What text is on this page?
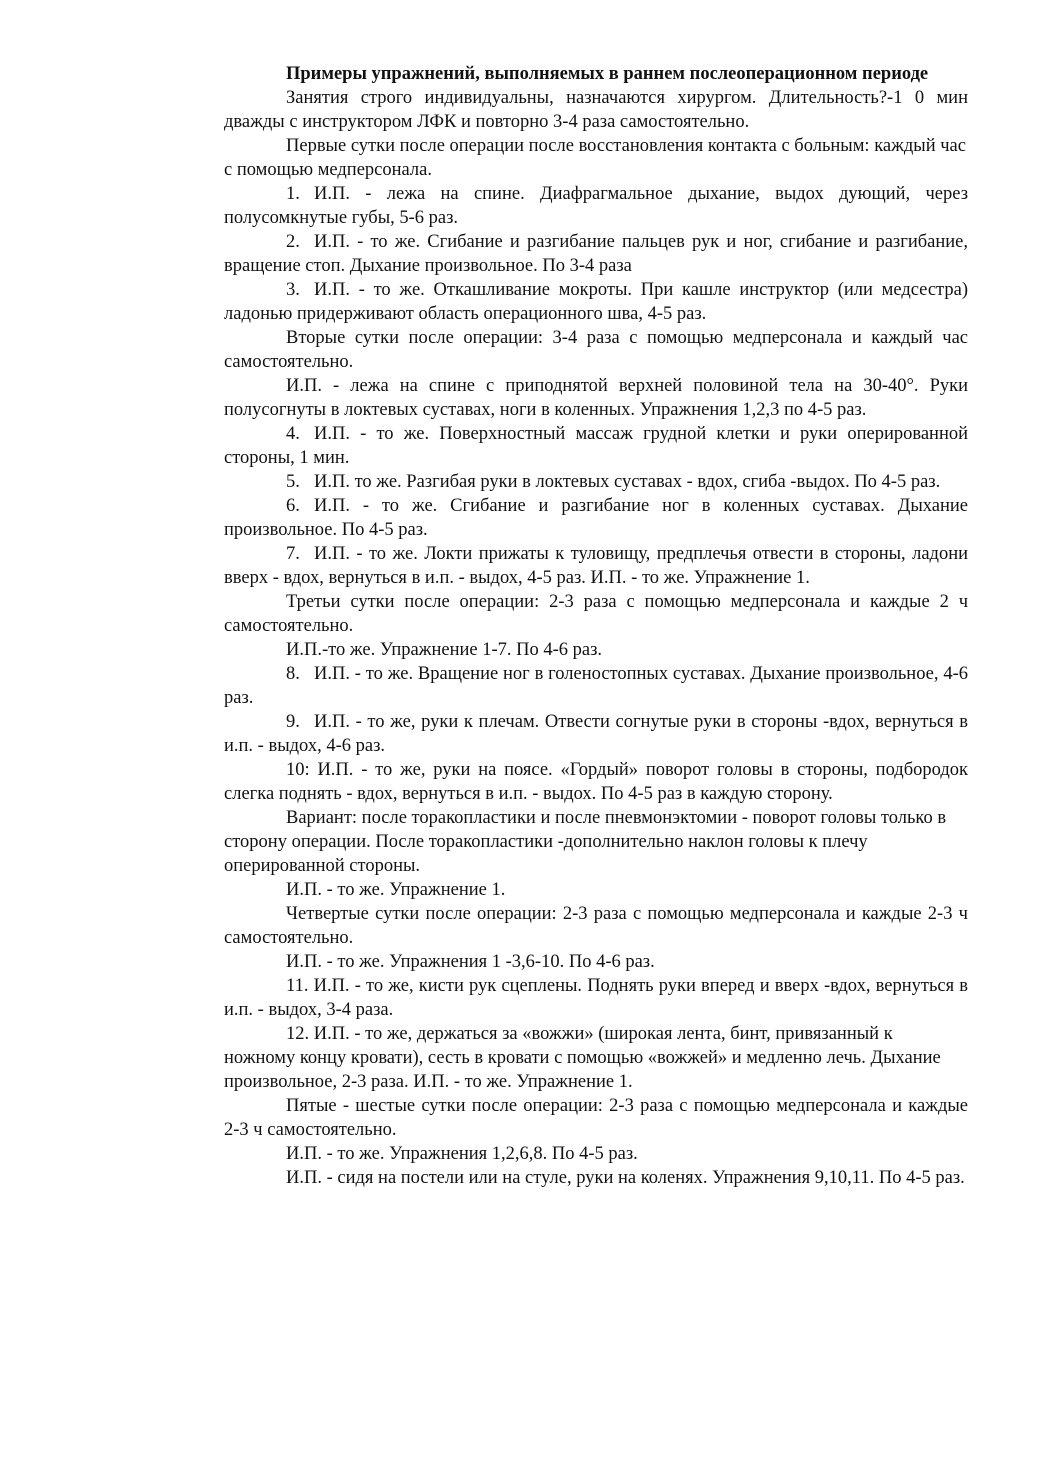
Примеры упражнений, выполняемых в раннем послеоперационном периоде

Занятия строго индивидуальны, назначаются хирургом. Длительность?-1 0 мин дважды с инструктором ЛФК и повторно 3-4 раза самостоятельно.

Первые сутки после операции после восстановления контакта с больным: каждый час с помощью медперсонала.

1. И.П. - лежа на спине. Диафрагмальное дыхание, выдох дующий, через полусомкнутые губы, 5-6 раз.

2. И.П. - то же. Сгибание и разгибание пальцев рук и ног, сгибание и разгибание, вращение стоп. Дыхание произвольное. По 3-4 раза

3. И.П. - то же. Откашливание мокроты. При кашле инструктор (или медсестра) ладонью придерживают область операционного шва, 4-5 раз.

Вторые сутки после операции: 3-4 раза с помощью медперсонала и каждый час самостоятельно.

И.П. - лежа на спине с приподнятой верхней половиной тела на 30-40°. Руки полусогнуты в локтевых суставах, ноги в коленных. Упражнения 1,2,3 по 4-5 раз.

4. И.П. - то же. Поверхностный массаж грудной клетки и руки оперированной стороны, 1 мин.

5. И.П. то же. Разгибая руки в локтевых суставах - вдох, сгиба -выдох. По 4-5 раз.

6. И.П. - то же. Сгибание и разгибание ног в коленных суставах. Дыхание произвольное. По 4-5 раз.

7. И.П. - то же. Локти прижаты к туловищу, предплечья отвести в стороны, ладони вверх - вдох, вернуться в и.п. - выдох, 4-5 раз. И.П. - то же. Упражнение 1.

Третьи сутки после операции: 2-3 раза с помощью медперсонала и каждые 2 ч самостоятельно.

И.П.-то же. Упражнение 1-7. По 4-6 раз.

8. И.П. - то же. Вращение ног в голеностопных суставах. Дыхание произвольное, 4-6 раз.

9. И.П. - то же, руки к плечам. Отвести согнутые руки в стороны -вдох, вернуться в и.п. - выдох, 4-6 раз.

10: И.П. - то же, руки на поясе. «Гордый» поворот головы в стороны, подбородок слегка поднять - вдох, вернуться в и.п. - выдох. По 4-5 раз в каждую сторону.

Вариант: после торакопластики и после пневмонэктомии - поворот головы только в сторону операции. После торакопластики -дополнительно наклон головы к плечу оперированной стороны.

И.П. - то же. Упражнение 1.

Четвертые сутки после операции: 2-3 раза с помощью медперсонала и каждые 2-3 ч самостоятельно.

И.П. - то же. Упражнения 1 -3,6-10. По 4-6 раз.

11. И.П. - то же, кисти рук сцеплены. Поднять руки вперед и вверх -вдох, вернуться в и.п. - выдох, 3-4 раза.

12. И.П. - то же, держаться за «вожжи» (широкая лента, бинт, привязанный к ножному концу кровати), сесть в кровати с помощью «вожжей» и медленно лечь. Дыхание произвольное, 2-3 раза. И.П. - то же. Упражнение 1.

Пятые - шестые сутки после операции: 2-3 раза с помощью медперсонала и каждые 2-3 ч самостоятельно.

И.П. - то же. Упражнения 1,2,6,8. По 4-5 раз.

И.П. - сидя на постели или на стуле, руки на коленях. Упражнения 9,10,11. По 4-5 раз.
